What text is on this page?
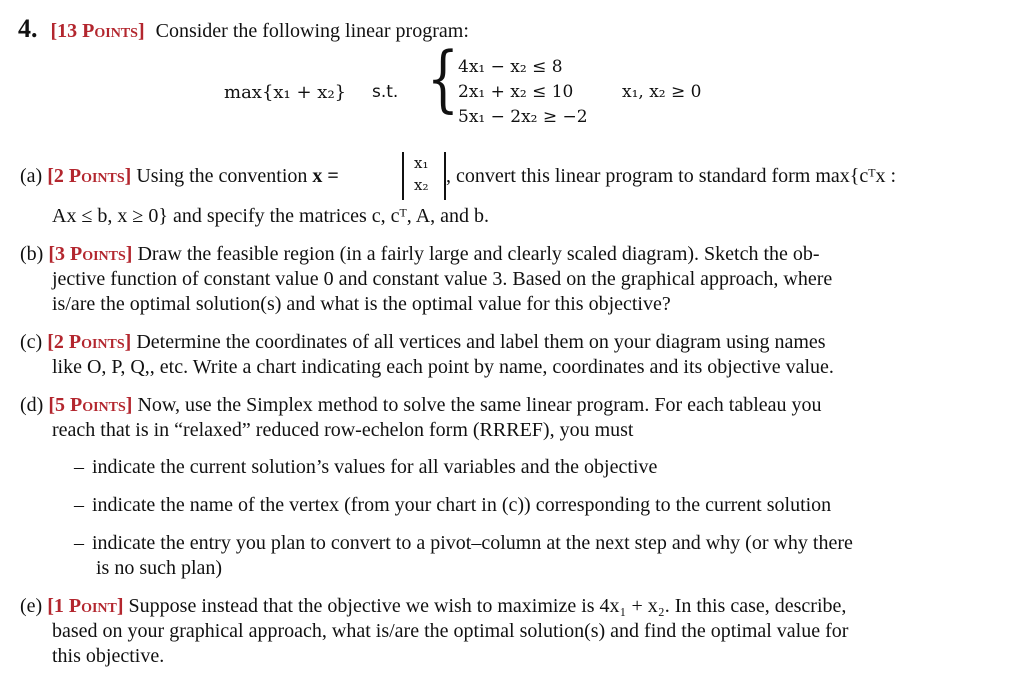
4. [13 Points] Consider the following linear program:
max{x₁ + x₂} s.t. { 4x₁ − x₂ ≤ 8
2x₁ + x₂ ≤ 10
5x₁ − 2x₂ ≥ −2
x₁, x₂ ≥ 0
(a) [2 Points] Using the convention x =
x₁
x₂ , convert this linear program to standard form max{cᵀx :
Ax ≤ b, x ≥ 0} and specify the matrices c, cᵀ, A, and b.
(b) [3 Points] Draw the feasible region (in a fairly large and clearly scaled diagram). Sketch the ob-
jective function of constant value 0 and constant value 3. Based on the graphical approach, where
is/are the optimal solution(s) and what is the optimal value for this objective?
(c) [2 Points] Determine the coordinates of all vertices and label them on your diagram using names
like O, P, Q,, etc. Write a chart indicating each point by name, coordinates and its objective value.
(d) [5 Points] Now, use the Simplex method to solve the same linear program. For each tableau you
reach that is in “relaxed” reduced row-echelon form (RRREF), you must
– indicate the current solution’s values for all variables and the objective
– indicate the name of the vertex (from your chart in (c)) corresponding to the current solution
– indicate the entry you plan to convert to a pivot–column at the next step and why (or why there
is no such plan)
(e) [1 Point] Suppose instead that the objective we wish to maximize is 4x₁ + x₂. In this case, describe,
based on your graphical approach, what is/are the optimal solution(s) and find the optimal value for
this objective.
